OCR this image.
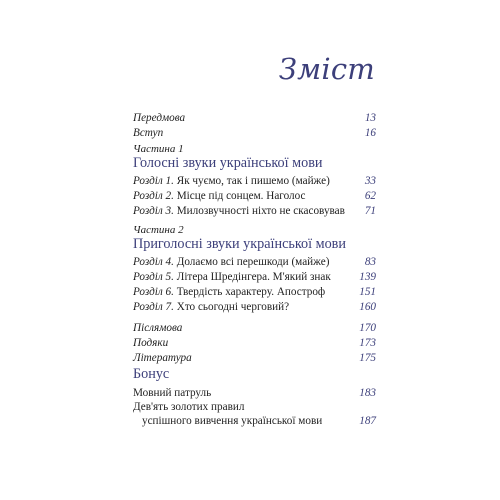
Зміст
Передмова	13
Вступ	16
Частина 1
Голосні звуки української мови
Розділ 1. Як чуємо, так і пишемо (майже)	33
Розділ 2. Місце під сонцем. Наголос	62
Розділ 3. Милозвучності ніхто не скасовував 71
Частина 2
Приголосні звуки української мови
Розділ 4. Долаємо всі перешкоди (майже)	83
Розділ 5. Літера Шредінгера. М'який знак	139
Розділ 6. Твердість характеру. Апостроф	151
Розділ 7. Хто сьогодні черговий?	160
Післямова	170
Подяки	173
Література	175
Бонус
Мовний патруль	183
Дев'ять золотих правил
успішного вивчення української мови	187
